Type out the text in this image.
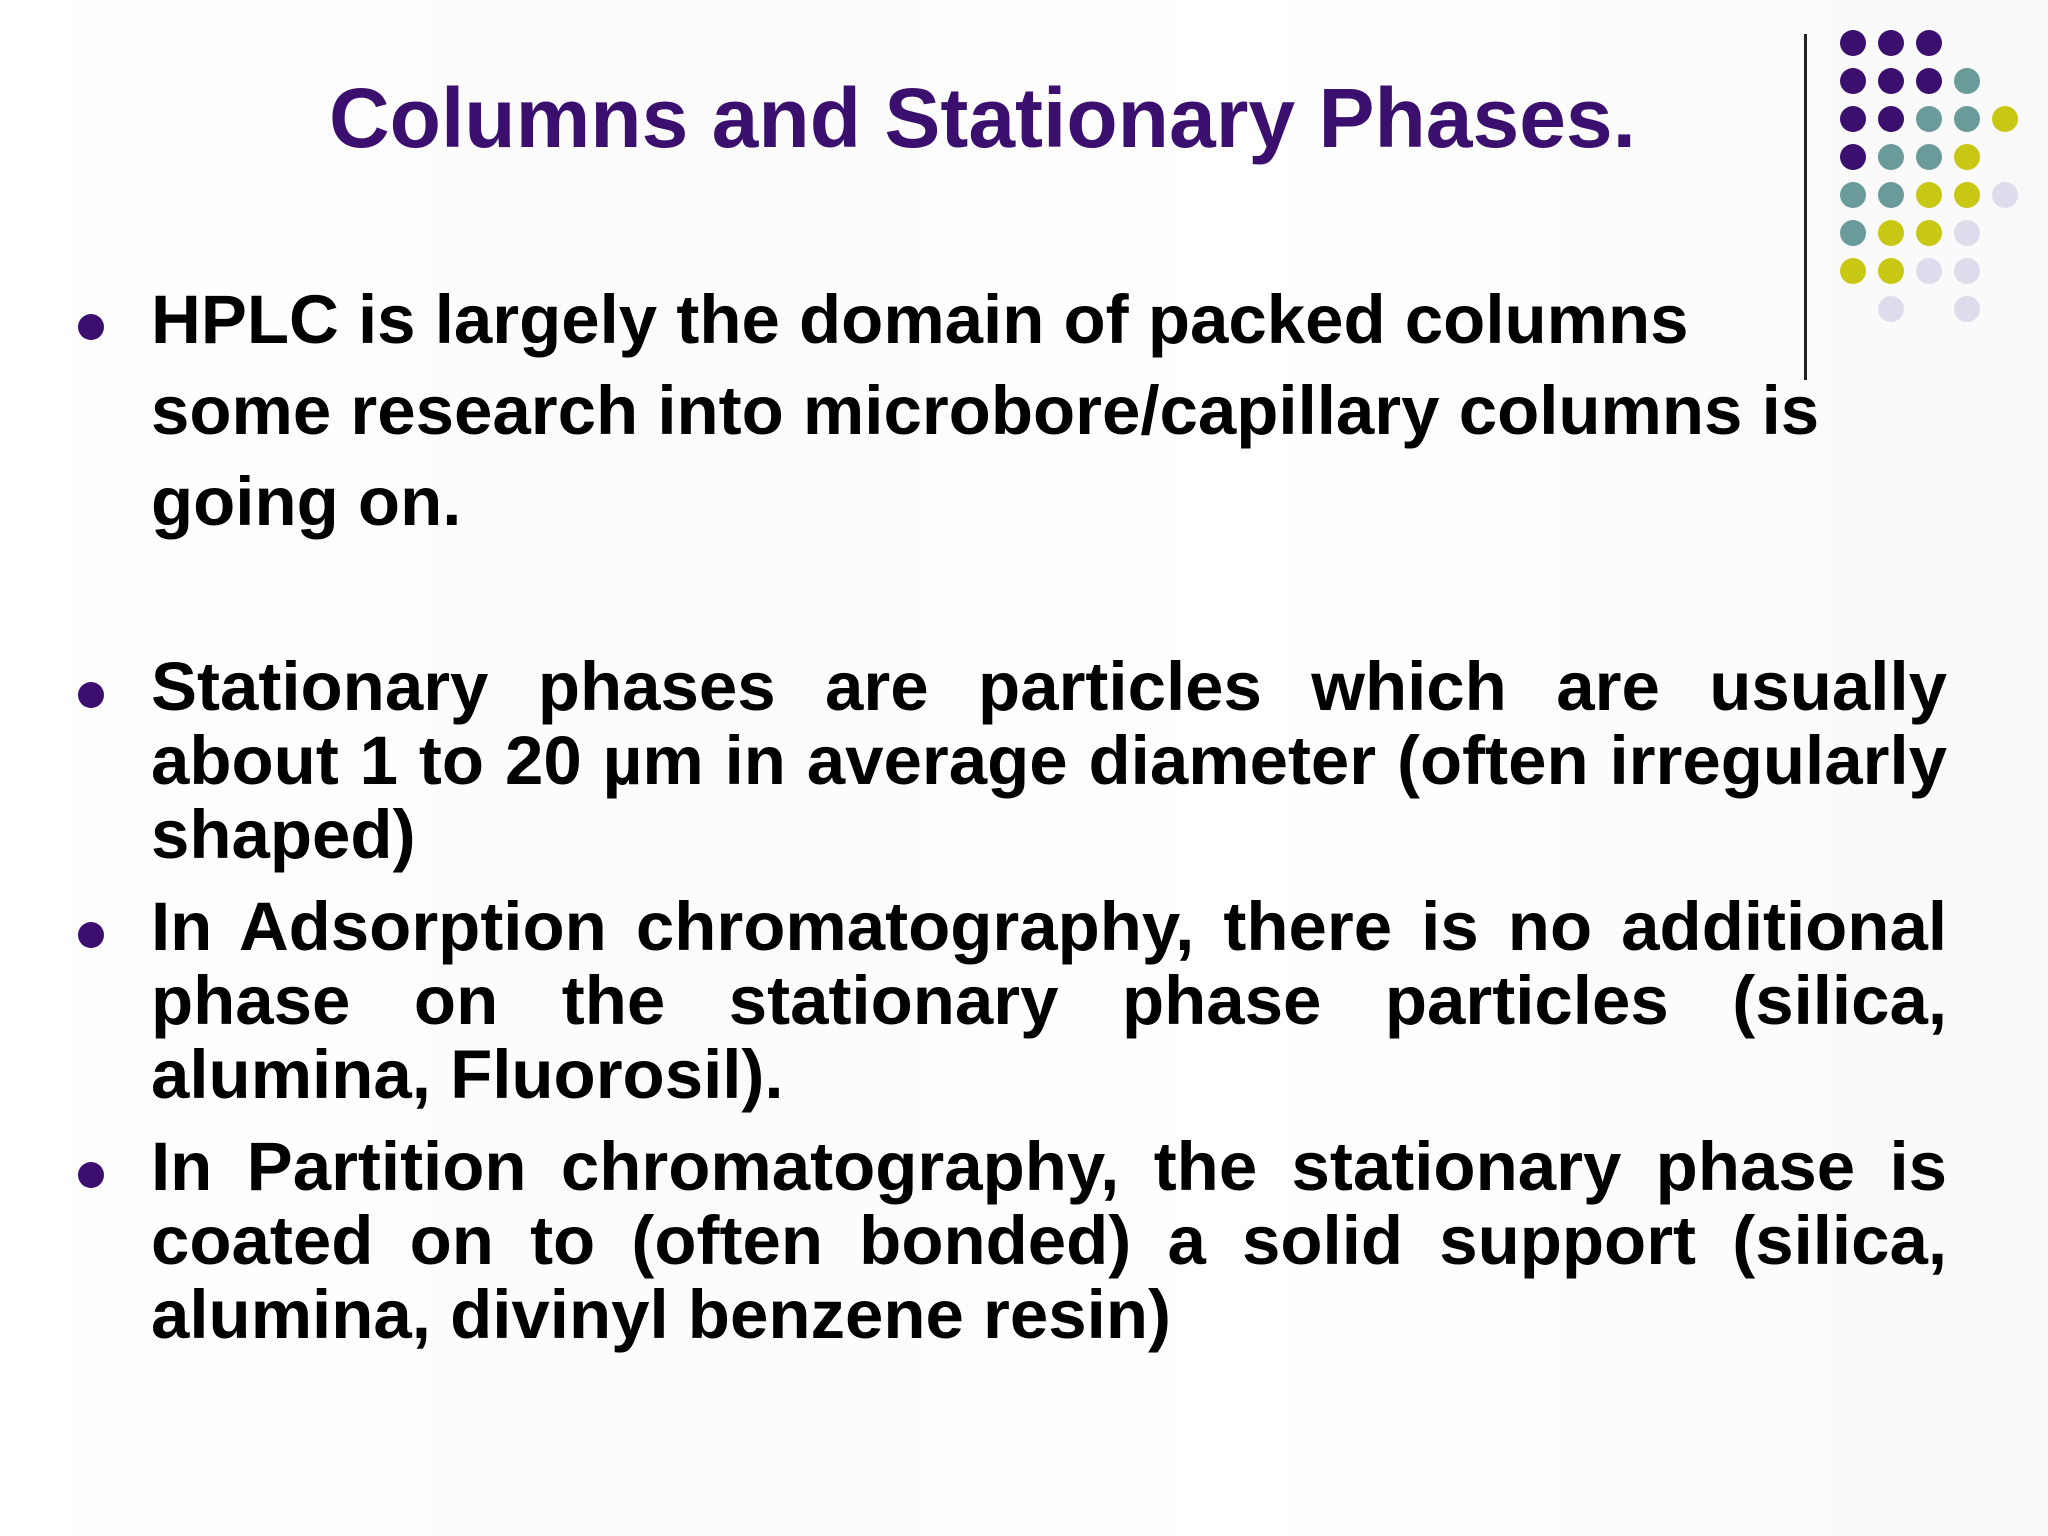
Columns and Stationary Phases.

HPLC is largely the domain of packed columns
some research into microbore/capillary columns is
going on.

Stationary phases are particles which are usually
about 1 to 20 µm in average diameter (often irregularly
shaped)

In Adsorption chromatography, there is no additional
phase on the stationary phase particles (silica,
alumina, Fluorosil).

In Partition chromatography, the stationary phase is
coated on to (often bonded) a solid support (silica,
alumina, divinyl benzene resin)
